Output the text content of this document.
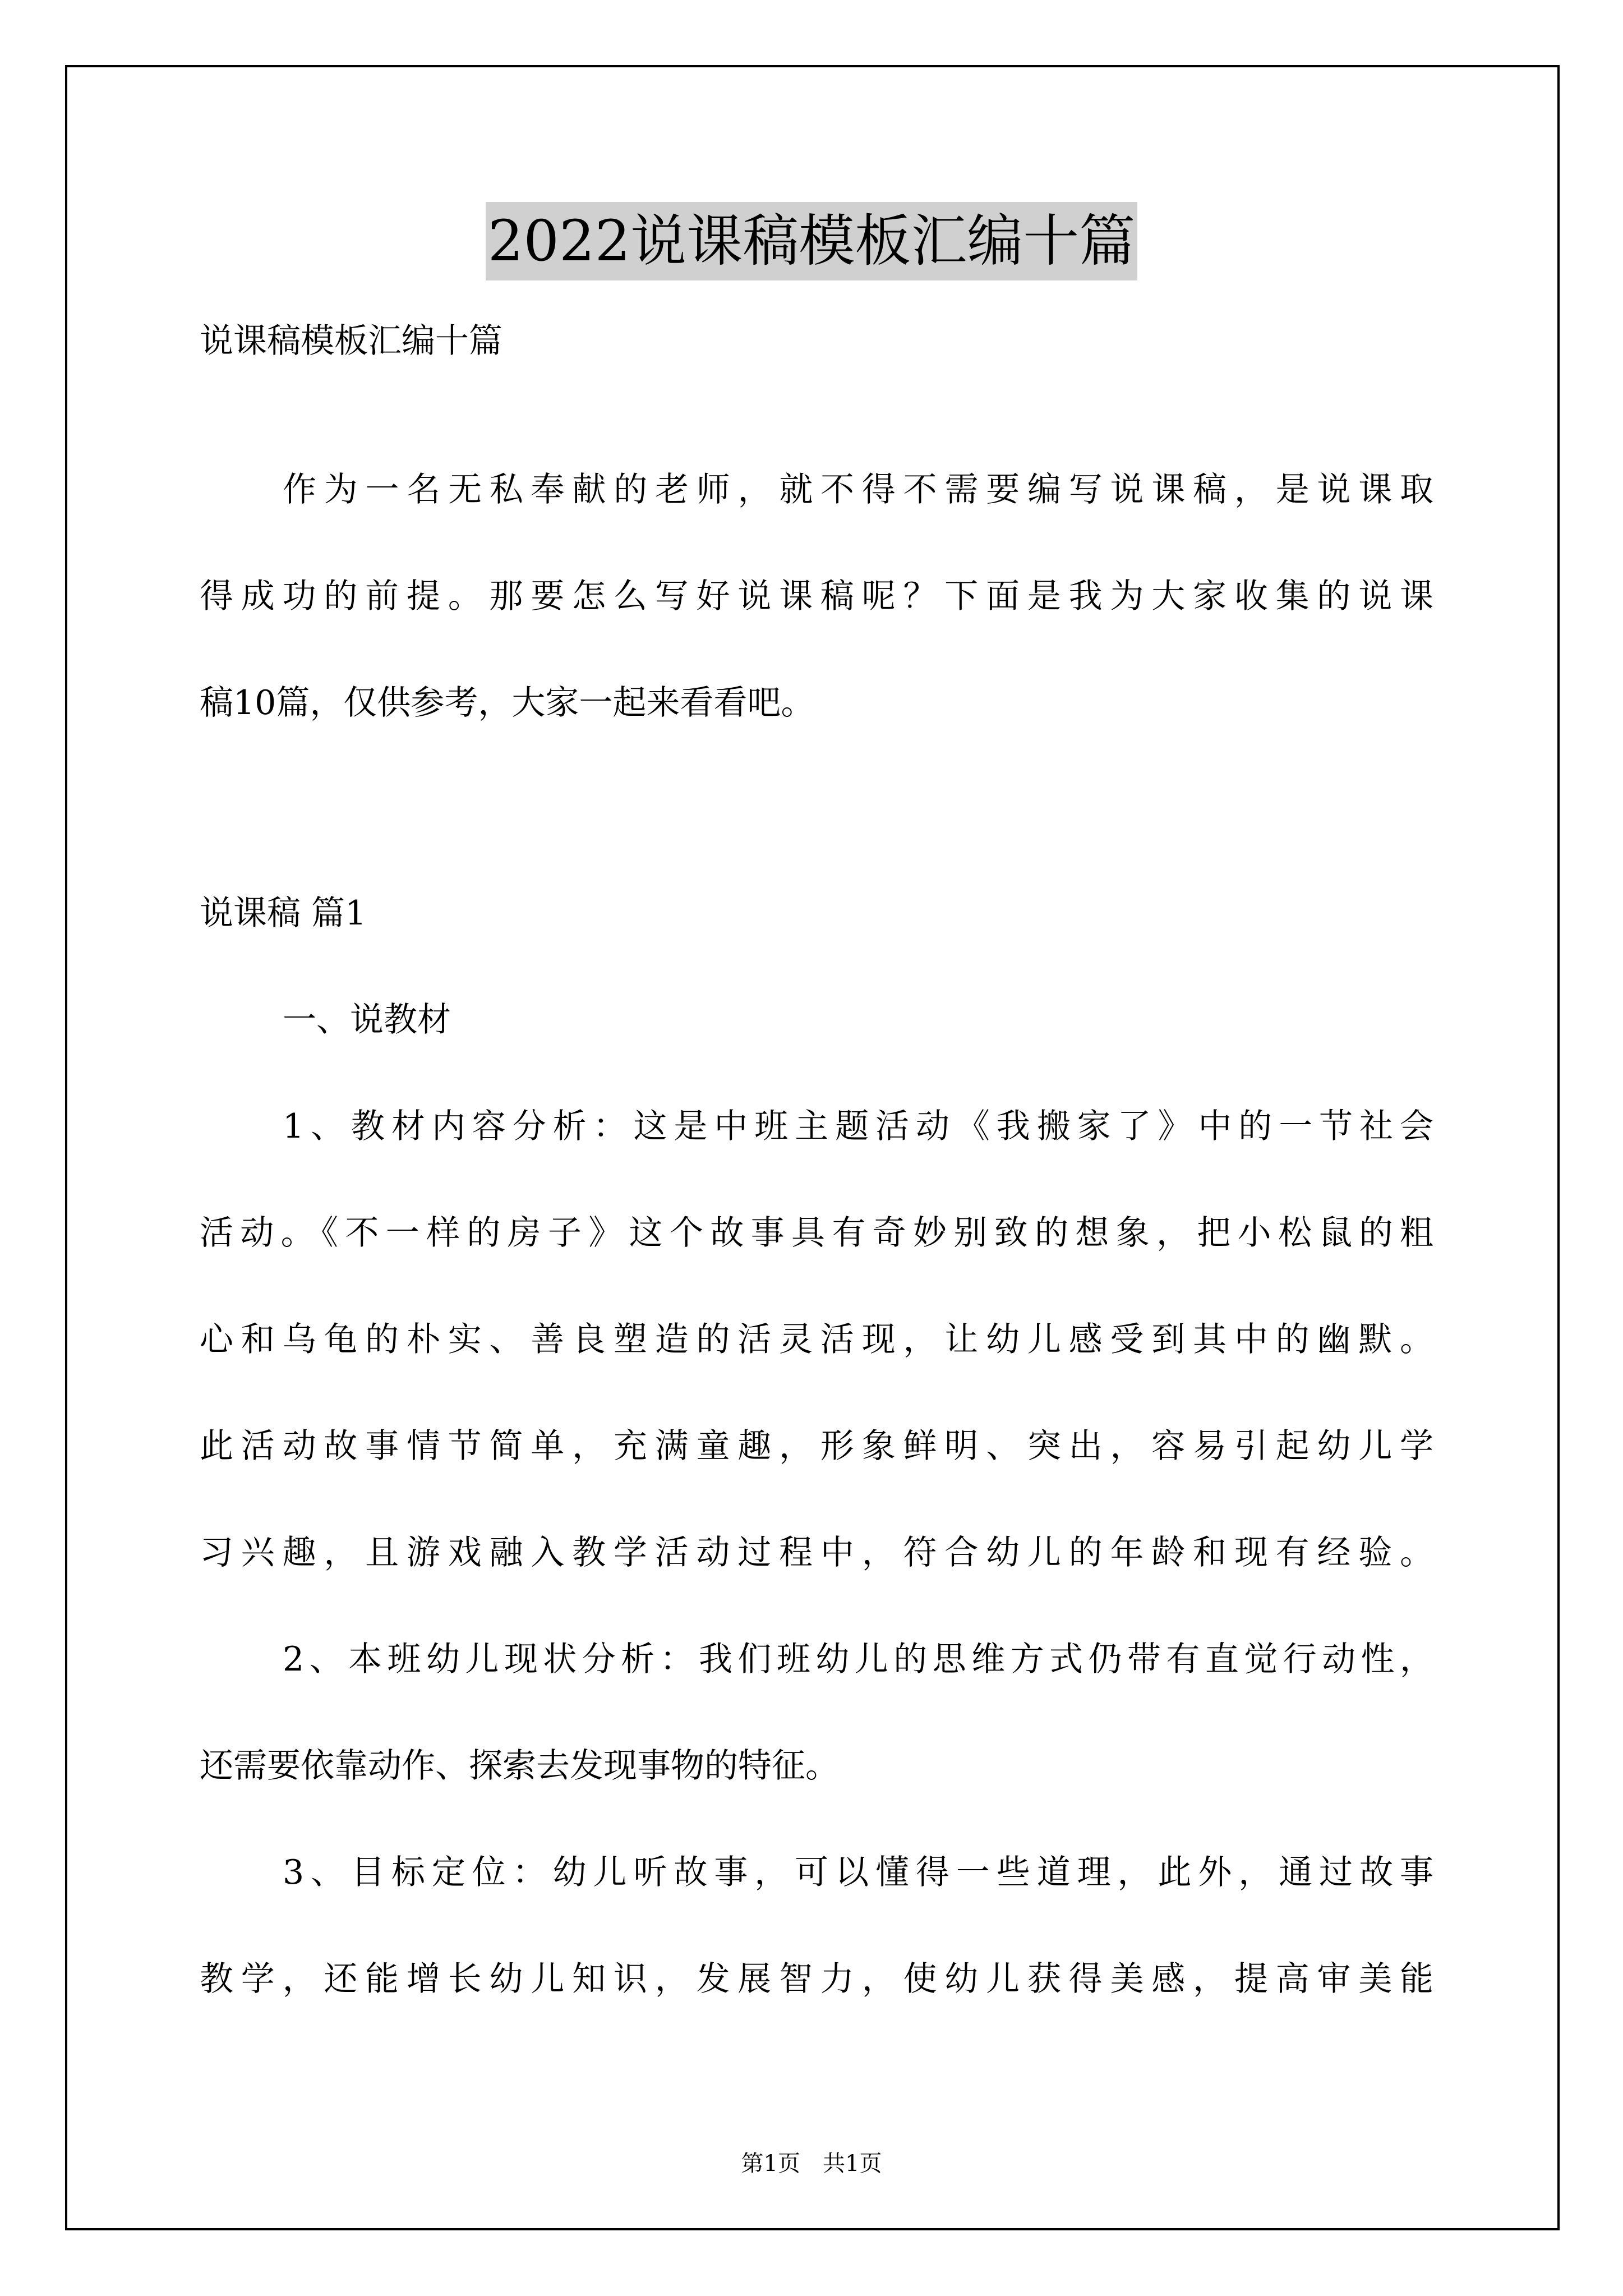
2022说课稿模板汇编十篇
说课稿模板汇编十篇
作为一名无私奉献的老师，就不得不需要编写说课稿，是说课取
得成功的前提。那要怎么写好说课稿呢？下面是我为大家收集的说课
稿10篇，仅供参考，大家一起来看看吧。
说课稿 篇1
一、说教材
1、教材内容分析：这是中班主题活动《我搬家了》中的一节社会
活动。《不一样的房子》这个故事具有奇妙别致的想象，把小松鼠的粗
心和乌龟的朴实、善良塑造的活灵活现，让幼儿感受到其中的幽默。
此活动故事情节简单，充满童趣，形象鲜明、突出，容易引起幼儿学
习兴趣，且游戏融入教学活动过程中，符合幼儿的年龄和现有经验。
2、本班幼儿现状分析：我们班幼儿的思维方式仍带有直觉行动性，
还需要依靠动作、探索去发现事物的特征。
3、目标定位：幼儿听故事，可以懂得一些道理，此外，通过故事
教学，还能增长幼儿知识，发展智力，使幼儿获得美感，提高审美能
第1页　共1页
